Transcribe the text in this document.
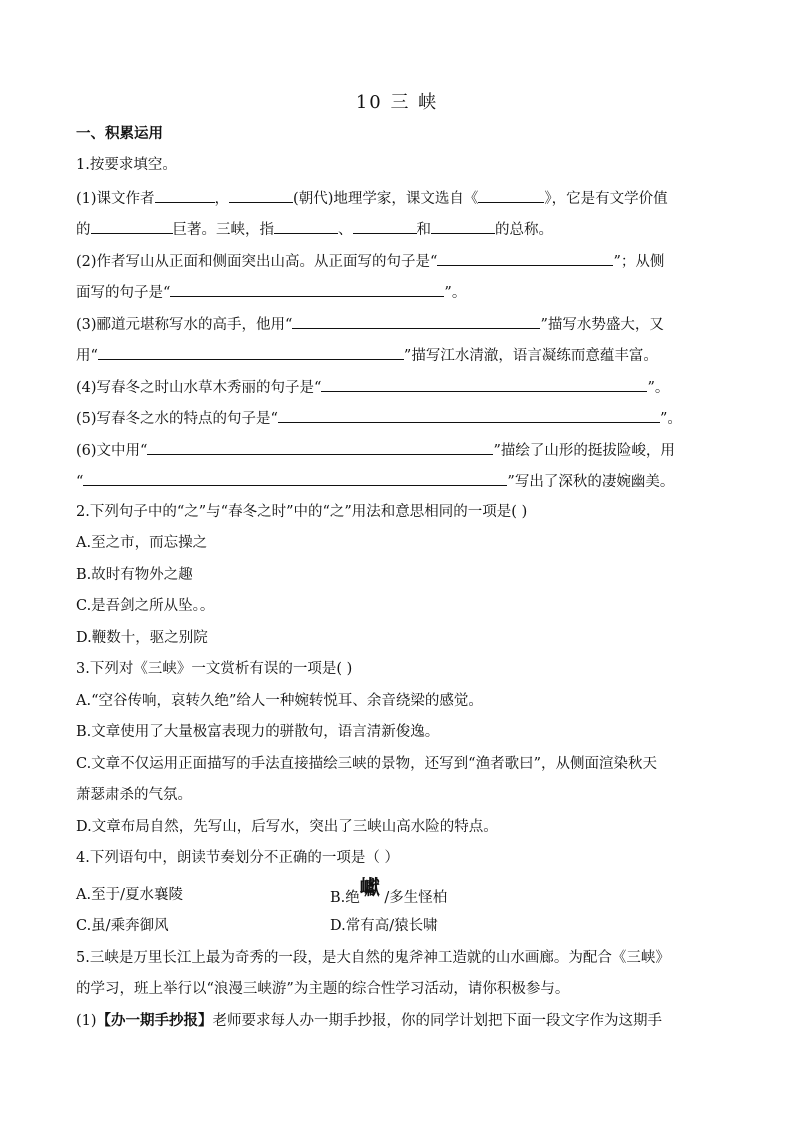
10 三 峡
一、积累运用
1.按要求填空。
(1)课文作者	，	(朝代)地理学家，课文选自《	》，它是有文学价值
的	巨著。三峡，指	、	和	的总称。
(2)作者写山从正面和侧面突出山高。从正面写的句子是“	”；从侧
面写的句子是“	”。
(3)郦道元堪称写水的高手，他用“	”描写水势盛大，又
用“	”描写江水清澈，语言凝练而意蕴丰富。
(4)写春冬之时山水草木秀丽的句子是“	”。
(5)写春冬之水的特点的句子是“	”。
(6)文中用“	”描绘了山形的挺拔险峻，用
“	”写出了深秋的凄婉幽美。
2.下列句子中的“之”与“春冬之时”中的“之”用法和意思相同的一项是( )
A.至之市，而忘操之
B.故时有物外之趣
C.是吾剑之所从坠。。
D.鞭数十，驱之别院
3.下列对《三峡》一文赏析有误的一项是( )
A.“空谷传响，哀转久绝”给人一种婉转悦耳、余音绕梁的感觉。
B.文章使用了大量极富表现力的骈散句，语言清新俊逸。
C.文章不仅运用正面描写的手法直接描绘三峡的景物，还写到“渔者歌曰”，从侧面渲染秋天
萧瑟肃杀的气氛。
D.文章布局自然，先写山，后写水，突出了三峡山高水险的特点。
4.下列语句中，朗读节奏划分不正确的一项是（ ）
A.至于/夏水襄陵	B.绝巘 /多生怪柏
C.虽/乘奔御风	D.常有高/猿长啸
5.三峡是万里长江上最为奇秀的一段，是大自然的鬼斧神工造就的山水画廊。为配合《三峡》
的学习，班上举行以“浪漫三峡游”为主题的综合性学习活动，请你积极参与。
(1)【办一期手抄报】老师要求每人办一期手抄报，你的同学计划把下面一段文字作为这期手
